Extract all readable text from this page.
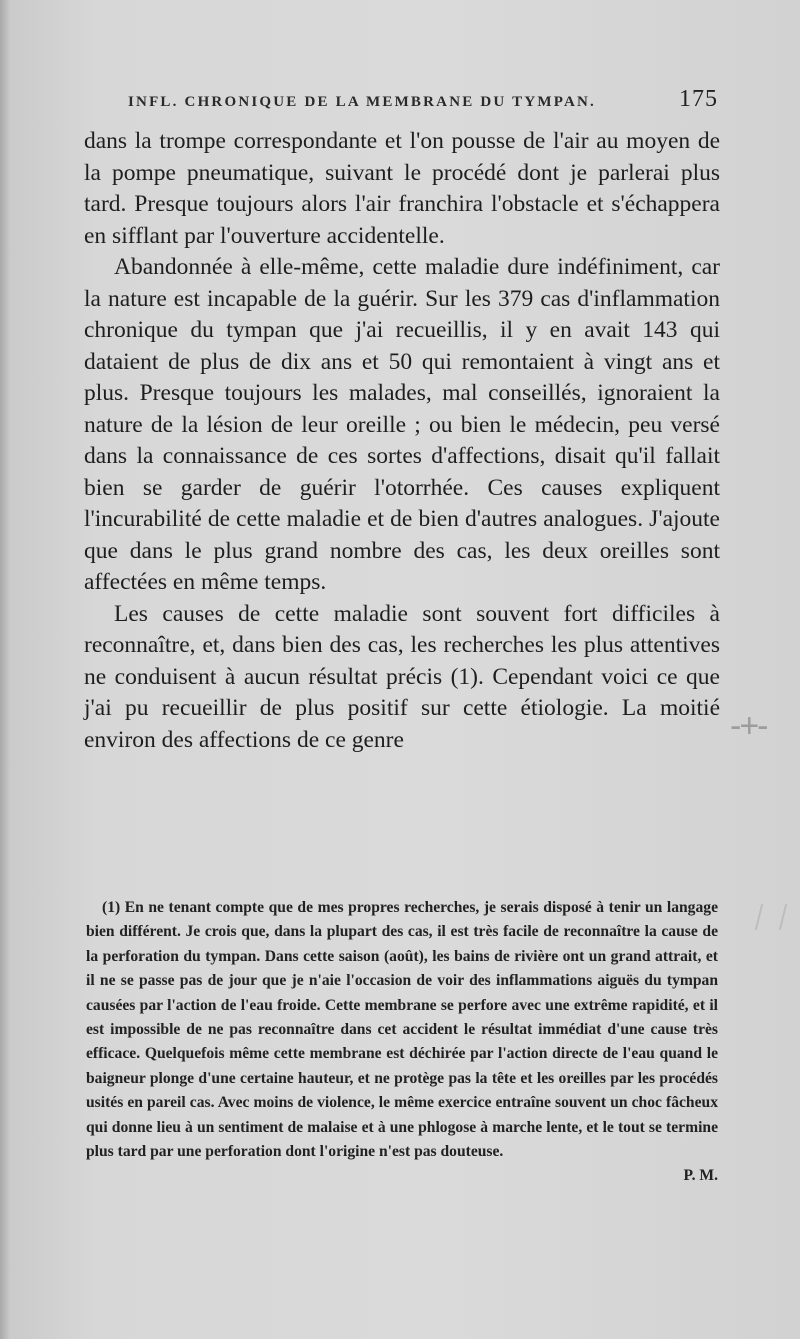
INFL. CHRONIQUE DE LA MEMBRANE DU TYMPAN.	175

dans la trompe correspondante et l'on pousse de l'air au moyen de la pompe pneumatique, suivant le procédé dont je parlerai plus tard. Presque toujours alors l'air franchira l'obstacle et s'échappera en sifflant par l'ouverture accidentelle.

Abandonnée à elle-même, cette maladie dure indéfiniment, car la nature est incapable de la guérir. Sur les 379 cas d'inflammation chronique du tympan que j'ai recueillis, il y en avait 143 qui dataient de plus de dix ans et 50 qui remontaient à vingt ans et plus. Presque toujours les malades, mal conseillés, ignoraient la nature de la lésion de leur oreille ; ou bien le médecin, peu versé dans la connaissance de ces sortes d'affections, disait qu'il fallait bien se garder de guérir l'otorrhée. Ces causes expliquent l'incurabilité de cette maladie et de bien d'autres analogues. J'ajoute que dans le plus grand nombre des cas, les deux oreilles sont affectées en même temps.

Les causes de cette maladie sont souvent fort difficiles à reconnaître, et, dans bien des cas, les recherches les plus attentives ne conduisent à aucun résultat précis (1). Cependant voici ce que j'ai pu recueillir de plus positif sur cette étiologie. La moitié environ des affections de ce genre	-+-

(1) En ne tenant compte que de mes propres recherches, je serais disposé à tenir un langage bien différent. Je crois que, dans la plupart des cas, il est très facile de reconnaître la cause de la perforation du tympan. Dans cette saison (août), les bains de rivière ont un grand attrait, et il ne se passe pas de jour que je n'aie l'occasion de voir des inflammations aiguës du tympan causées par l'action de l'eau froide. Cette membrane se perfore avec une extrême rapidité, et il est impossible de ne pas reconnaître dans cet accident le résultat immédiat d'une cause très efficace. Quelquefois même cette membrane est déchirée par l'action directe de l'eau quand le baigneur plonge d'une certaine hauteur, et ne protège pas la tête et les oreilles par les procédés usités en pareil cas. Avec moins de violence, le même exercice entraîne souvent un choc fâcheux qui donne lieu à un sentiment de malaise et à une phlogose à marche lente, et le tout se termine plus tard par une perforation dont l'origine n'est pas douteuse.

P. M.
